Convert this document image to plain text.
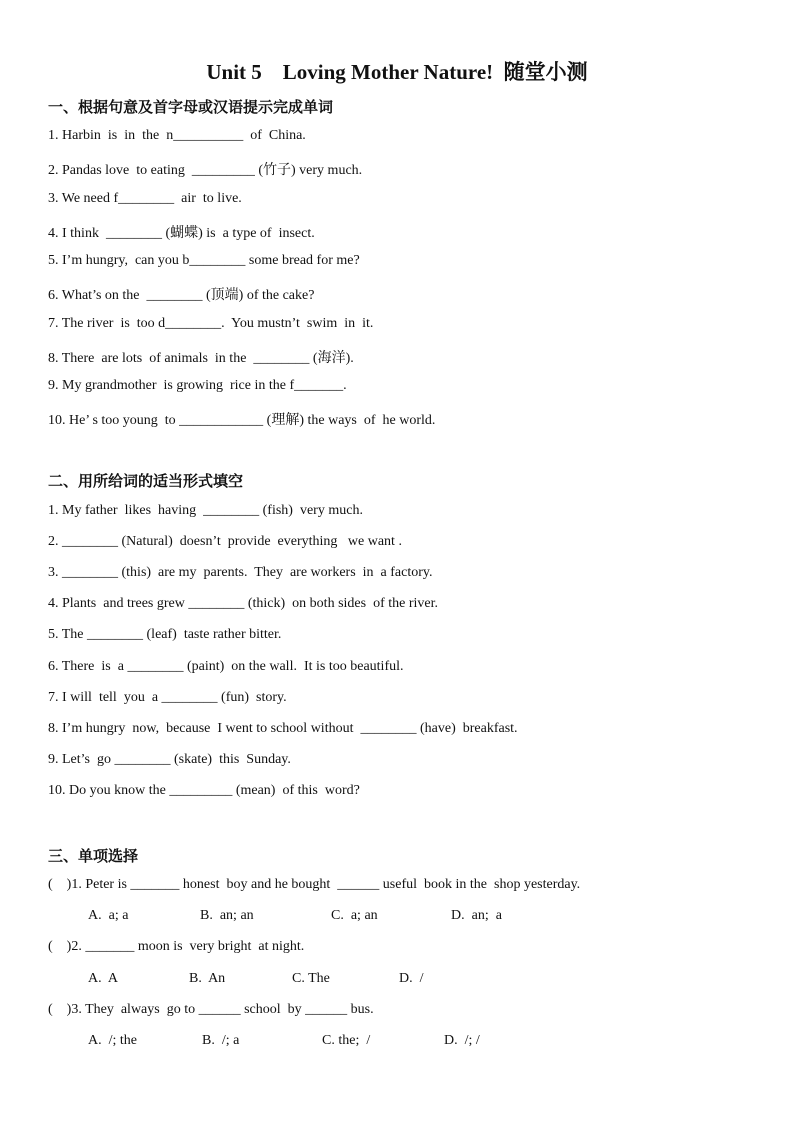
Unit 5    Loving Mother Nature!  随堂小测
一、根据句意及首字母或汉语提示完成单词

1. Harbin  is  in  the  n__________  of  China.

2. Pandas love  to eating  _________ (竹子) very much.

3. We need f________  air  to live.

4. I think  ________ (蝴蝶) is  a type of  insect.

5. I’m hungry,  can you b________ some bread for me?

6. What’s on the  ________ (顶端) of the cake?

7. The river  is  too d________.  You mustn’t  swim  in  it.

8. There  are lots  of animals  in the  ________ (海洋).

9. My grandmother  is growing  rice in the f_______.

10. He’ s too young  to ____________ (理解) the ways  of  he world.

二、用所给词的适当形式填空

1. My father  likes  having  ________ (fish)  very much.

2. ________ (Natural)  doesn’t  provide  everything   we want .

3. ________ (this)  are my  parents.  They  are workers  in  a factory.

4. Plants  and trees grew ________ (thick)  on both sides  of the river.

5. The ________ (leaf)  taste rather bitter.

6. There  is  a ________ (paint)  on the wall.  It is too beautiful.

7. I will  tell  you  a ________ (fun)  story.

8. I’m hungry  now,  because  I went to school without  ________ (have)  breakfast.

9. Let’s  go ________ (skate)  this  Sunday.

10. Do you know the _________ (mean)  of this  word?

三、单项选择

(    )1. Peter is _______ honest  boy and he bought  ______ useful  book in the  shop yesterday.

A.  a; a	B.  an; an	C.  a; an	D.  an;  a

(    )2. _______ moon is  very bright  at night.

A.  A	B.  An	C. The	D.  /

(    )3. They  always  go to ______ school  by ______ bus.

A.  /; the	B.  /; a	C. the;  /	D.  /; /
